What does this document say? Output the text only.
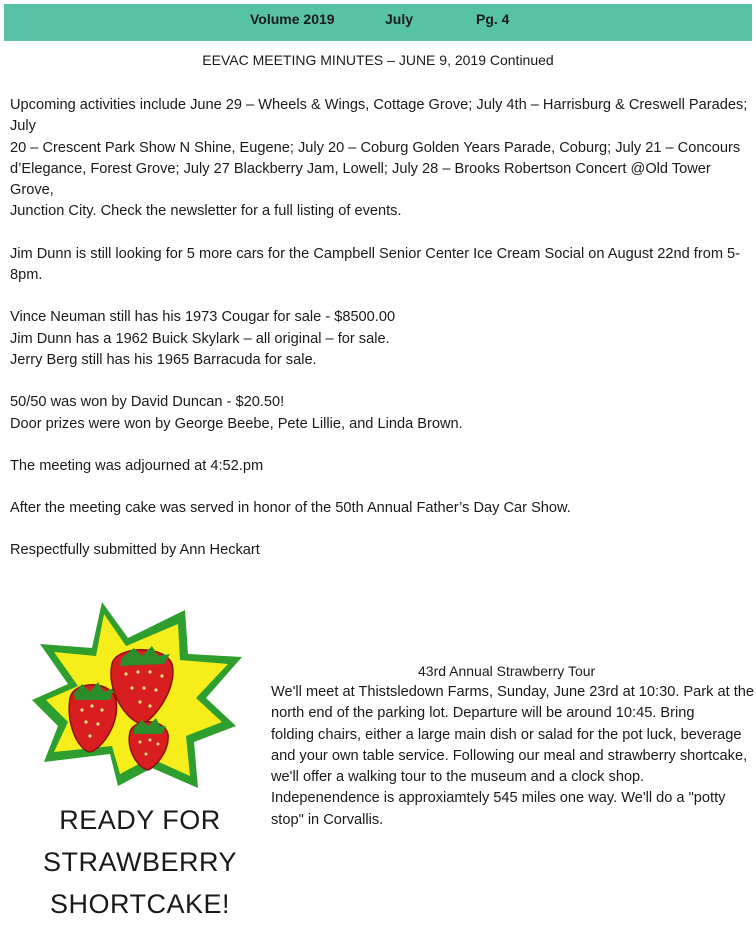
Volume 2019	July	Pg. 4
EEVAC MEETING MINUTES – JUNE 9, 2019 Continued

Upcoming activities include June 29 – Wheels & Wings, Cottage Grove; July 4th – Harrisburg & Creswell Parades; July
20 – Crescent Park Show N Shine, Eugene; July 20 – Coburg Golden Years Parade, Coburg; July 21 – Concours
d’Elegance, Forest Grove; July 27 Blackberry Jam, Lowell; July 28 – Brooks Robertson Concert @Old Tower Grove,
Junction City. Check the newsletter for a full listing of events.

Jim Dunn is still looking for 5 more cars for the Campbell Senior Center Ice Cream Social on August 22nd from 5-8pm.

Vince Neuman still has his 1973 Cougar for sale - $8500.00
Jim Dunn has a 1962 Buick Skylark – all original – for sale.
Jerry Berg still has his 1965 Barracuda for sale.

50/50 was won by David Duncan - $20.50!
Door prizes were won by George Beebe, Pete Lillie, and Linda Brown.

The meeting was adjourned at 4:52.pm

After the meeting cake was served in honor of the 50th Annual Father’s Day Car Show.

Respectfully submitted by Ann Heckart

READY FOR
STRAWBERRY
SHORTCAKE!
43rd Annual Strawberry Tour
We'll meet at Thistsledown Farms, Sunday, June 23rd at 10:30. Park at the
north end of the parking lot. Departure will be around 10:45. Bring
folding chairs, either a large main dish or salad for the pot luck, beverage
and your own table service. Following our meal and strawberry shortcake,
we'll offer a walking tour to the museum and a clock shop.
Indepenendence is approxiamtely 545 miles one way. We'll do a "potty
stop" in Corvallis.
